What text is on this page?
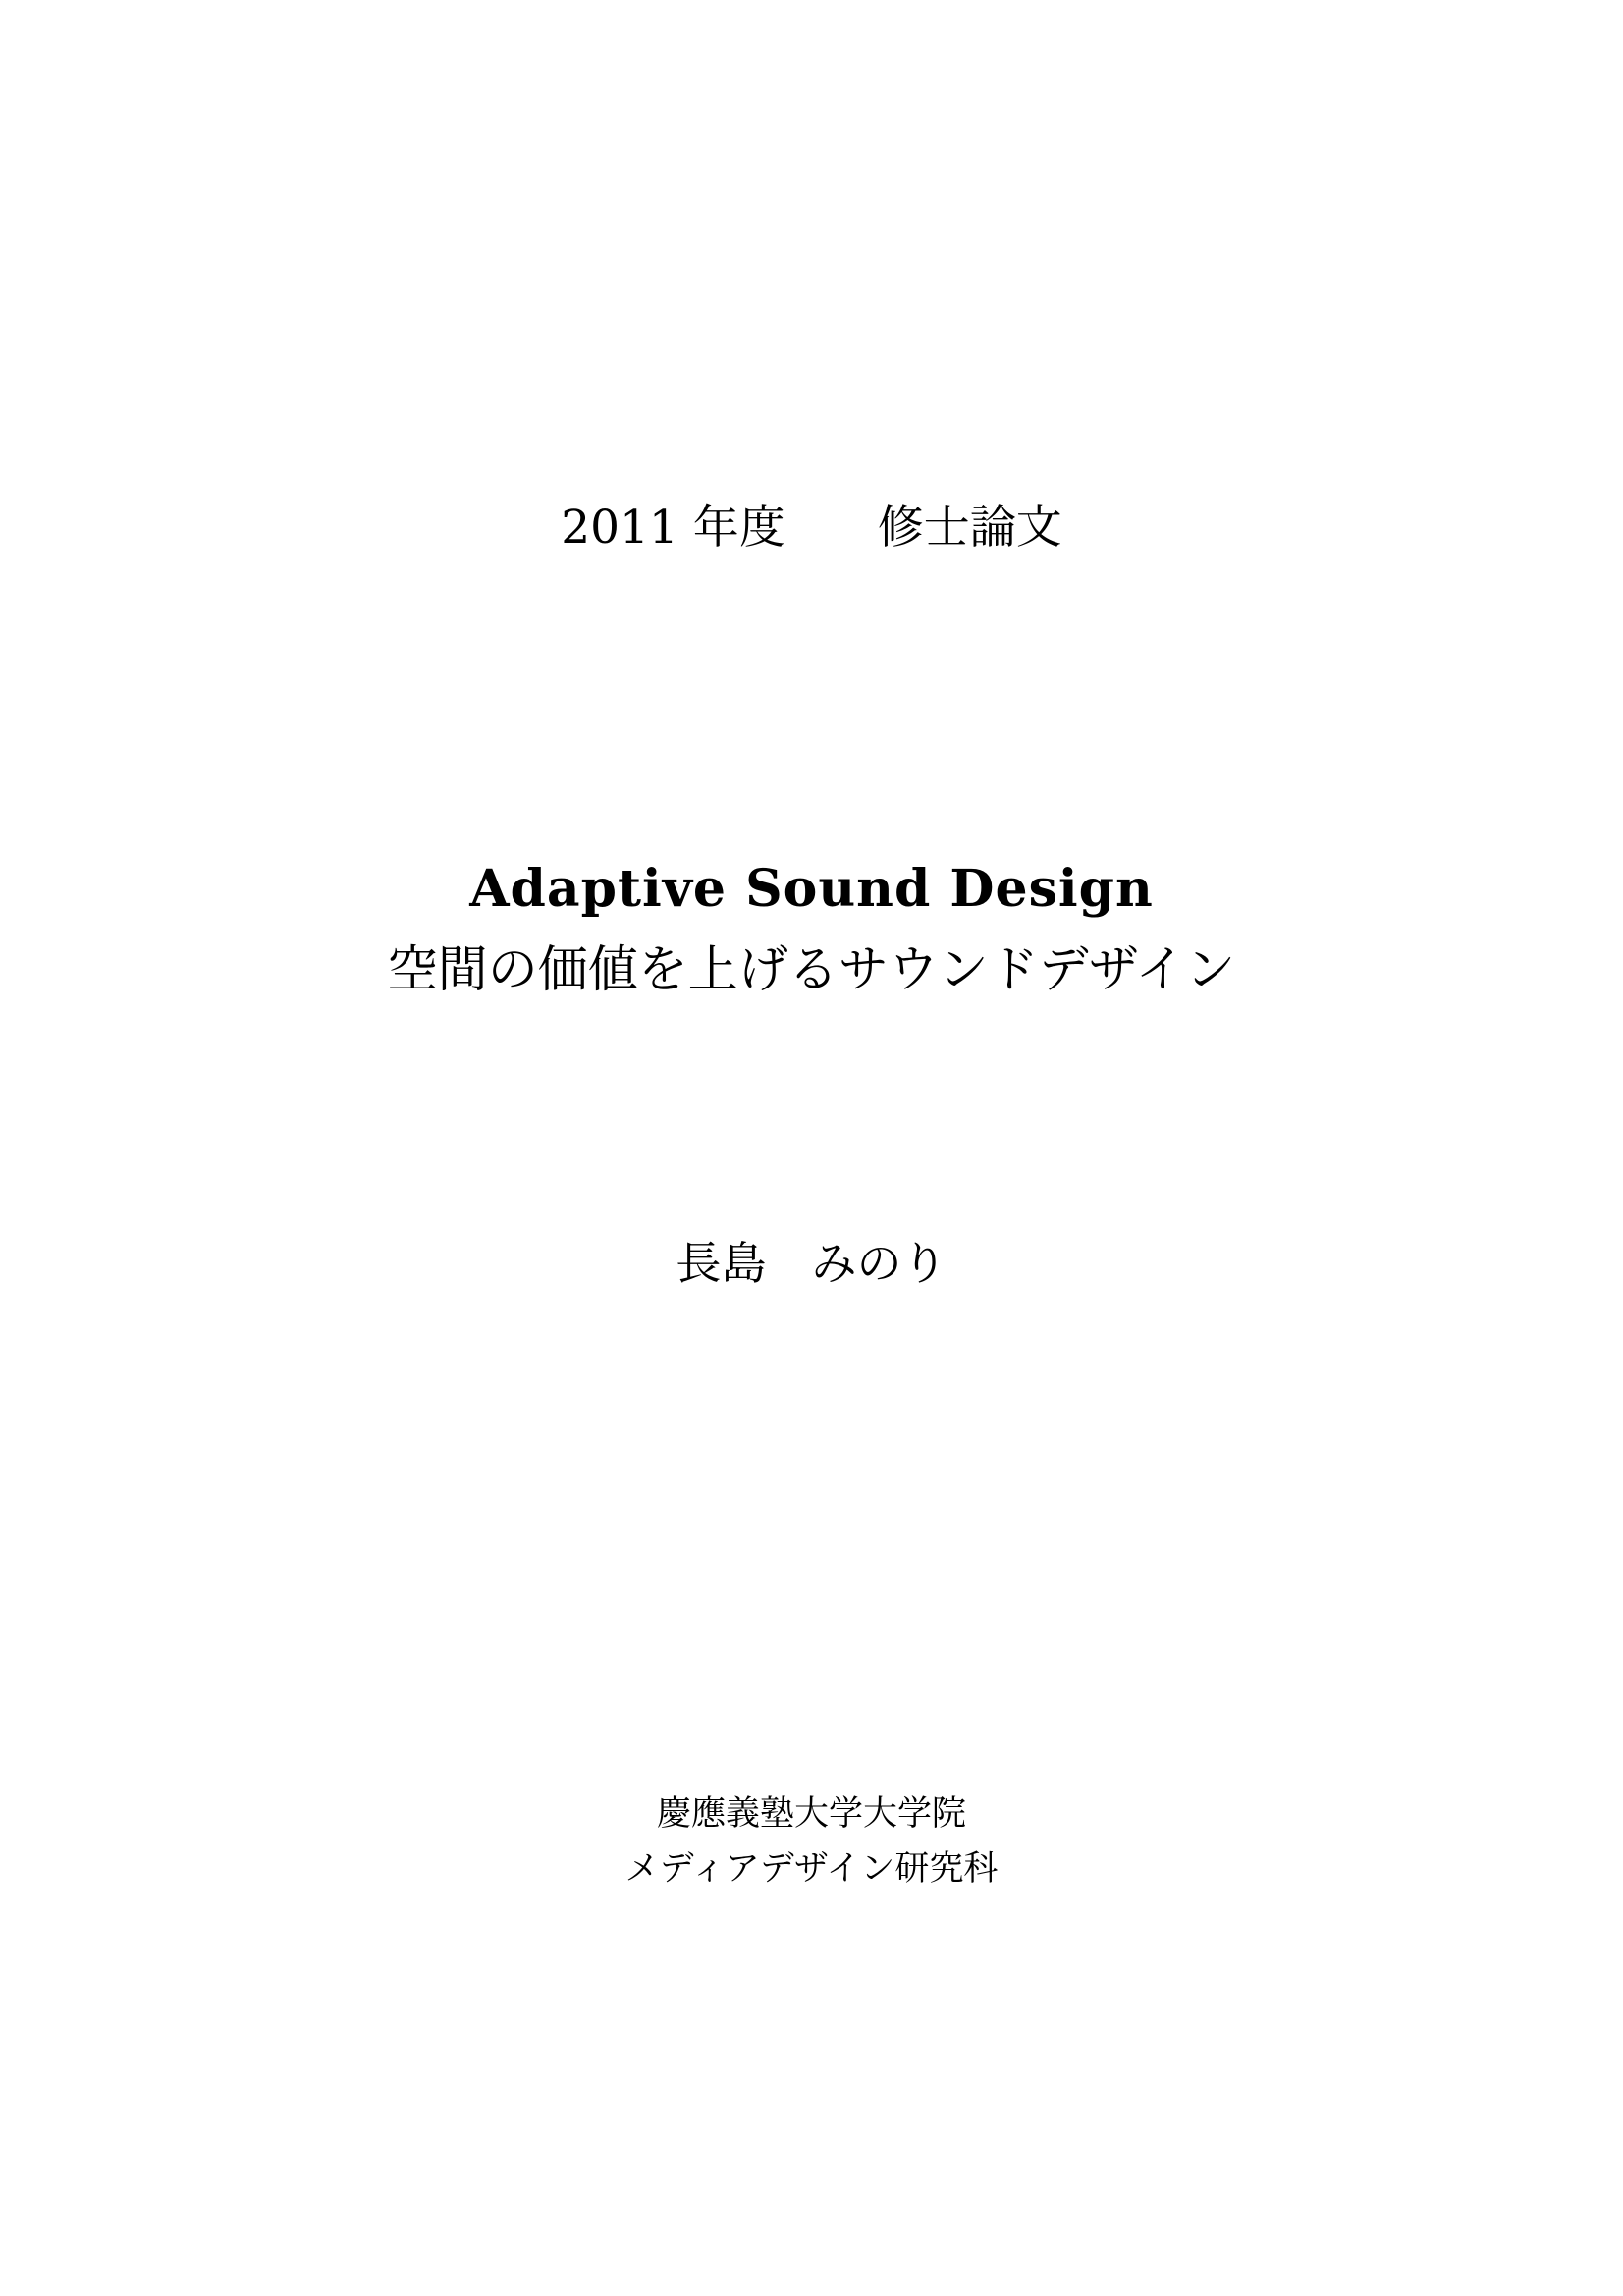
2011 年度　　修士論文
Adaptive Sound Design
空間の価値を上げるサウンドデザイン
長島　みのり
慶應義塾大学大学院
メディアデザイン研究科
